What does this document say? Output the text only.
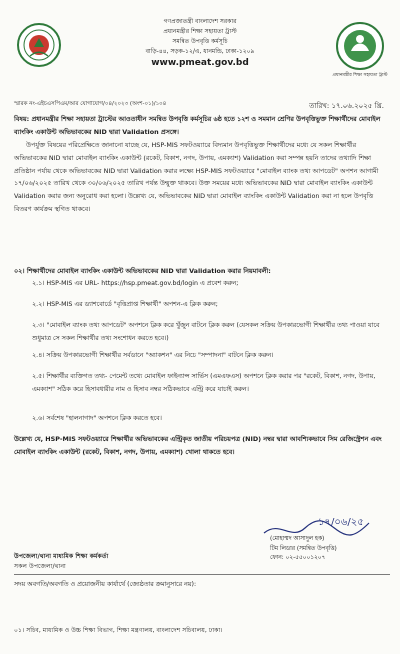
গণপ্রজাতন্ত্রী বাংলাদেশ সরকার
প্রধানমন্ত্রীর শিক্ষা সহায়তা ট্রাস্ট
সমন্বিত উপবৃত্তি কর্মসূচি
বাড়ি-৪৪, সড়ক-১২/এ, ধানমন্ডি, ঢাকা-১২০৯
www.pmeat.gov.bd
প্রধানমন্ত্রীর শিক্ষা সহায়তা ট্রাস্ট
স্মারক নং-এইচএসপিএম/আর যোগাযোগ/০৪/২০২৩ (অংশ-০১)/১০৪	তারিখ: ১৭.০৬.২০২৫ খ্রি.
বিষয়: প্রধানমন্ত্রীর শিক্ষা সহায়তা ট্রাস্টের আওতাধীন সমন্বিত উপবৃত্তি কর্মসূচির ৬ষ্ঠ হতে ১২শ ও সমমান শ্রেণির উপবৃত্তিভুক্ত শিক্ষার্থীদের মোবাইল ব্যাংকিং একাউন্ট অভিভাবকের NID দ্বারা Validation প্রসঙ্গে।
উপর্যুক্ত বিষয়ের পরিপ্রেক্ষিতে জানানো যাচ্ছে যে, HSP-MIS সফটওয়্যারে বিদ্যমান উপবৃত্তিভুক্ত শিক্ষার্থীদের মধ্যে যে সকল শিক্ষার্থীর অভিভাবকের NID দ্বারা মোবাইল ব্যাংকিং একাউন্ট (রকেট, বিকাশ, নগদ, উপায়, এমক্যাশ) Validation করা সম্পন্ন হয়নি তাদের তথ্যাদি শিক্ষা প্রতিষ্ঠান পর্যায় থেকে অভিভাবকের NID দ্বারা Validation করার লক্ষ্যে HSP-MIS সফটওয়্যারে "মোবাইল ব্যাংক তথ্য আপডেট" অপশন আগামী ১৭/০৬/২০২৫ তারিখ থেকে ৩০/০৬/২০২৫ তারিখ পর্যন্ত উন্মুক্ত থাকবে। উক্ত সময়ের মধ্যে অভিভাবকের NID দ্বারা মোবাইল ব্যাংকিং একাউন্ট Validation করার জন্য অনুরোধ করা হলো। উল্লেখ্য যে, অভিভাবকের NID দ্বারা মোবাইল ব্যাংকিং একাউন্ট Validation করা না হলে উপবৃত্তি বিতরণ কার্যক্রম স্থগিত থাকবে।
০২। শিক্ষার্থীদের মোবাইল ব্যাংকিং একাউন্ট অভিভাবকের NID দ্বারা Validation করার নিয়মাবলী:
২.১। HSP-MIS এর URL- https://hsp.pmeat.gov.bd/login এ প্রবেশ করুন;
২.২। HSP-MIS এর ড্যাশবোর্ডে "বৃত্তিপ্রাপ্ত শিক্ষার্থী" অপশন-এ ক্লিক করুন;
২.৩। "মোবাইল ব্যাংক তথ্য আপডেট" অপশনে ক্লিক করে খুঁজুন বাটনে ক্লিক করুন (যেসকল সক্রিয় উপকারভোগী শিক্ষার্থীর তথ্য পাওয়া যাবে শুধুমাত্র সে সকল শিক্ষার্থীর তথ্য সংশোধন করতে হবে।)
২.৪। সক্রিয় উপকারভোগী শিক্ষার্থীর সর্বডানে "অ্যাকশন" এর নিচে "সম্পাদনা" বাটনে ক্লিক করুন।
২.৫। শিক্ষার্থীর ব্যক্তিগত তথ্য- পেমেন্ট তথ্যে মোবাইল ফাইন্যান্স সার্ভিস (এমএফএস) অপশনে ক্লিক করার পর "রকেট, বিকাশ, নগদ, উপায়, এমক্যাশ" সঠিক করে হিসাবধারীর নাম ও হিসাব নম্বর সঠিকভাবে এন্ট্রি করে যাচাই করুন।
২.৬। সর্বশেষ "হালনাগাদ" অপশনে ক্লিক করতে হবে।
উল্লেখ্য যে, HSP-MIS সফটওয়্যারে শিক্ষার্থীর অভিভাবকের এন্ট্রিকৃত জাতীয় পরিচয়পত্র (NID) নম্বর দ্বারা আবশ্যিকভাবে সিম রেজিস্ট্রেশন এবং মোবাইল ব্যাংকিং একাউন্ট (রকেট, বিকাশ, নগদ, উপায়, এমক্যাশ) খোলা থাকতে হবে।
১৭/০৬/২৫
(মোহাম্মদ আসাদুল হক)
টিম লিডার (সমন্বিত উপবৃত্তি)
ফোন: ০২-৫৫০০১২০৭
উপজেলা/থানা মাধ্যমিক শিক্ষা কর্মকর্তা
সকল উপজেলা/থানা
সদয় অবগতি/অবগতি ও প্রয়োজনীয় কার্যার্থে (জ্যেষ্ঠতার ক্রমানুসারে নয়):
০১। সচিব, মাধ্যমিক ও উচ্চ শিক্ষা বিভাগ, শিক্ষা মন্ত্রণালয়, বাংলাদেশ সচিবালয়, ঢাকা।
